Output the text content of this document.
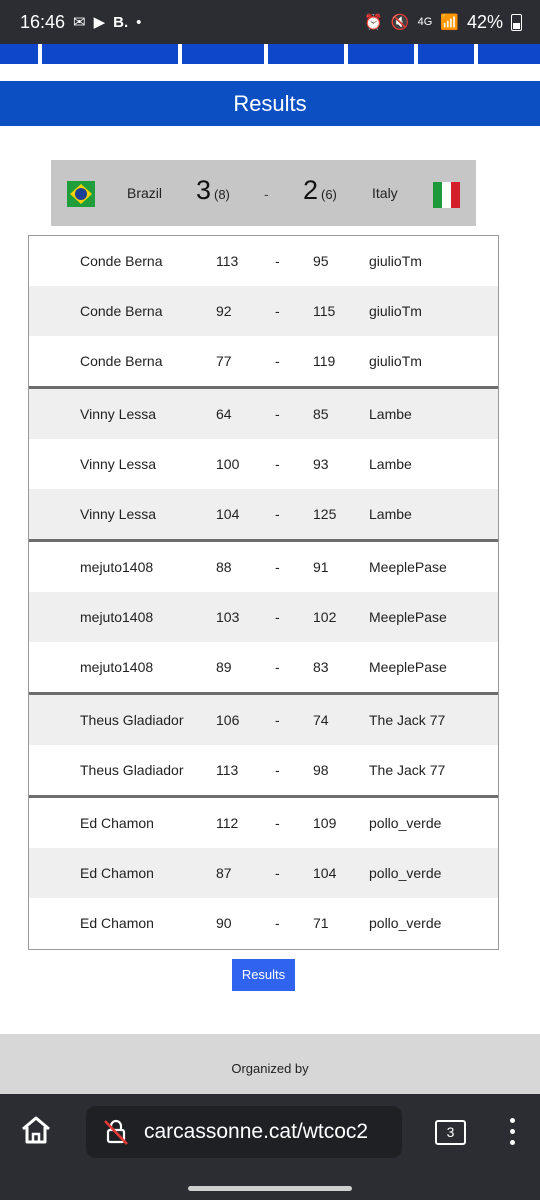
16:46 ✉ ▶ B. •	⏰ 🔇 4G 📶 42%
Results
Brazil 3 (8) - 2 (6)	Italy
Conde Berna	113	- 95	giulioTm
Conde Berna	92	- 115 giulioTm
Conde Berna	77	- 119 giulioTm
Vinny Lessa	64	- 85	Lambe
Vinny Lessa	100	- 93	Lambe
Vinny Lessa	104	- 125 Lambe
mejuto1408	88	- 91	MeeplePase
mejuto1408	103	- 102 MeeplePase
mejuto1408	89	- 83	MeeplePase
Theus Gladiador 106	- 74	The Jack 77
Theus Gladiador 113	- 98	The Jack 77
Ed Chamon	112	- 109 pollo_verde
Ed Chamon	87	- 104 pollo_verde
Ed Chamon	90	- 71	pollo_verde
Results
Organized by
carcassonne.cat/wtcoc2	3
